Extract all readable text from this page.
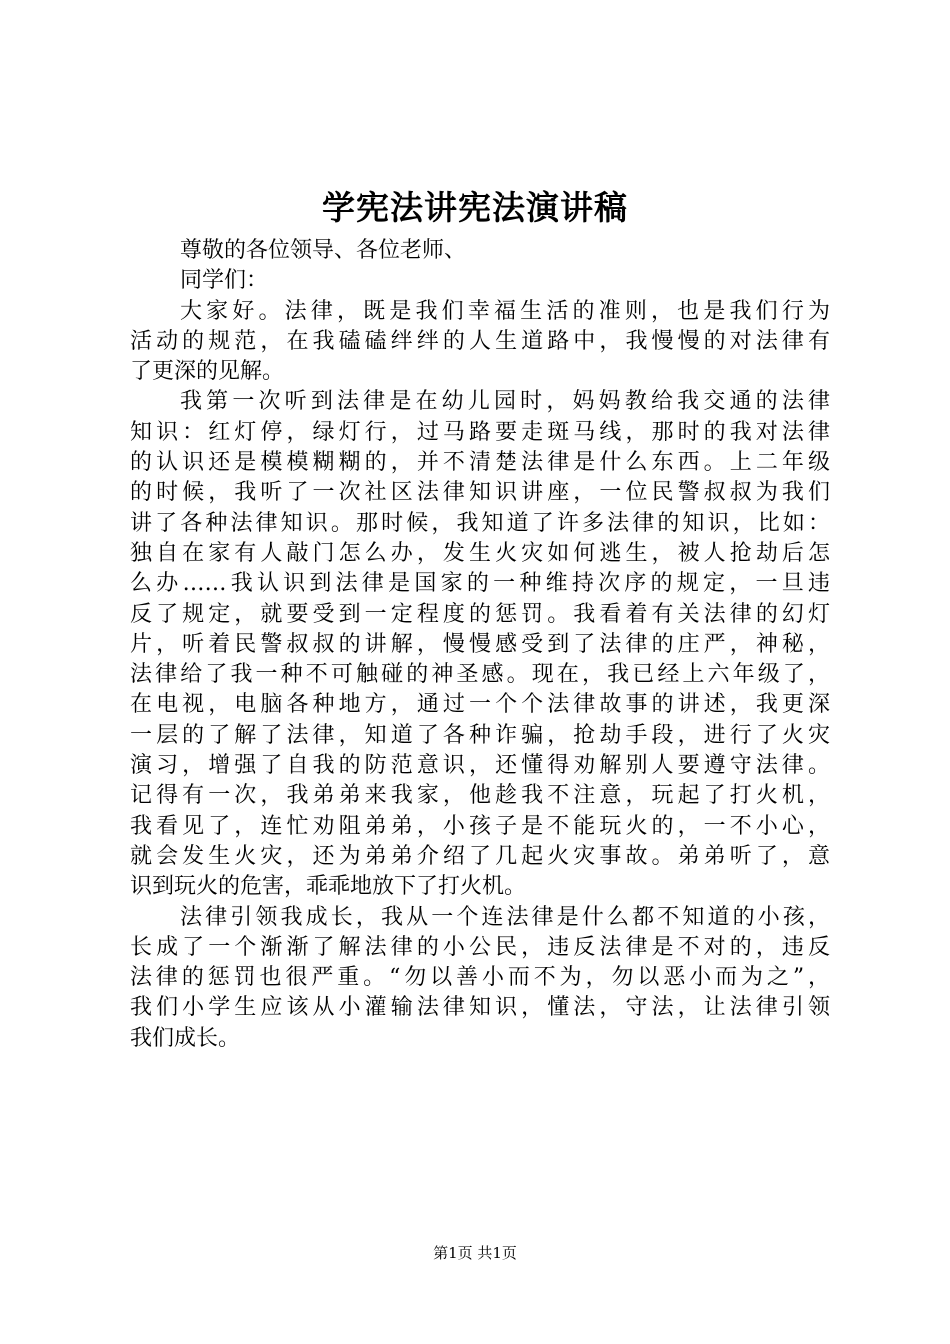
学宪法讲宪法演讲稿
尊敬的各位领导、各位老师、
同学们：
大家好。法律，既是我们幸福生活的准则，也是我们行为
活动的规范，在我磕磕绊绊的人生道路中，我慢慢的对法律有
了更深的见解。
我第一次听到法律是在幼儿园时，妈妈教给我交通的法律
知识：红灯停，绿灯行，过马路要走斑马线，那时的我对法律
的认识还是模模糊糊的，并不清楚法律是什么东西。上二年级
的时候，我听了一次社区法律知识讲座，一位民警叔叔为我们
讲了各种法律知识。那时候，我知道了许多法律的知识，比如：
独自在家有人敲门怎么办，发生火灾如何逃生，被人抢劫后怎
么办……我认识到法律是国家的一种维持次序的规定，一旦违
反了规定，就要受到一定程度的惩罚。我看着有关法律的幻灯
片，听着民警叔叔的讲解，慢慢感受到了法律的庄严，神秘，
法律给了我一种不可触碰的神圣感。现在，我已经上六年级了，
在电视，电脑各种地方，通过一个个法律故事的讲述，我更深
一层的了解了法律，知道了各种诈骗，抢劫手段，进行了火灾
演习，增强了自我的防范意识，还懂得劝解别人要遵守法律。
记得有一次，我弟弟来我家，他趁我不注意，玩起了打火机，
我看见了，连忙劝阻弟弟，小孩子是不能玩火的，一不小心，
就会发生火灾，还为弟弟介绍了几起火灾事故。弟弟听了，意
识到玩火的危害，乖乖地放下了打火机。
法律引领我成长，我从一个连法律是什么都不知道的小孩，
长成了一个渐渐了解法律的小公民，违反法律是不对的，违反
法律的惩罚也很严重。“勿以善小而不为，勿以恶小而为之”，
我们小学生应该从小灌输法律知识，懂法，守法，让法律引领
我们成长。
第1页 共1页
